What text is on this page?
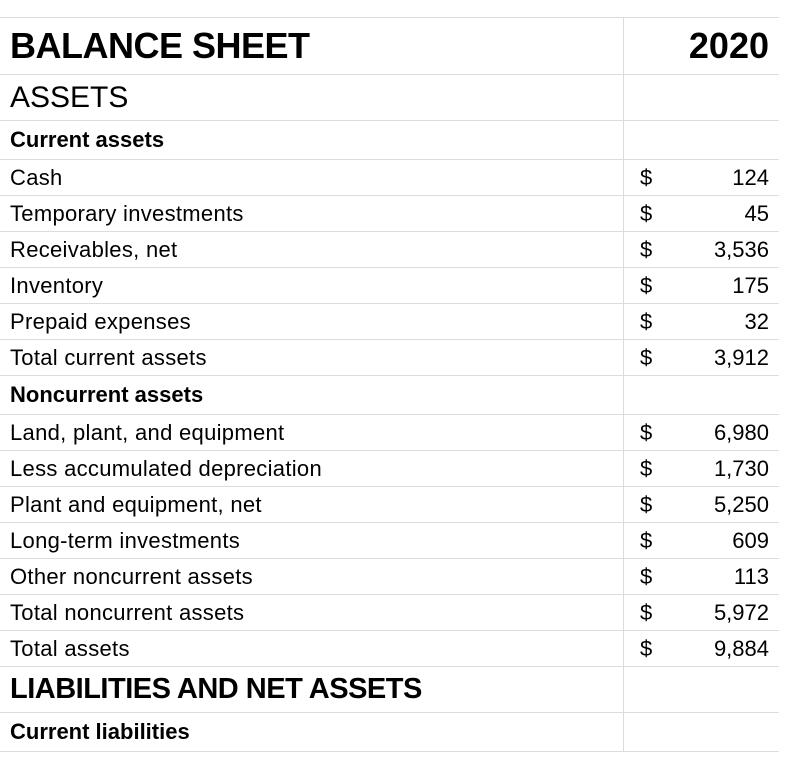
BALANCE SHEET	2020
ASSETS
Current assets
Cash	$	124
Temporary investments	$	45
Receivables, net	$	3,536
Inventory	$	175
Prepaid expenses	$	32
Total current assets	$	3,912
Noncurrent assets
Land, plant, and equipment	$	6,980
Less accumulated depreciation	$	1,730
Plant and equipment, net	$	5,250
Long-term investments	$	609
Other noncurrent assets	$	113
Total noncurrent assets	$	5,972
Total assets	$	9,884
LIABILITIES AND NET ASSETS
Current liabilities
